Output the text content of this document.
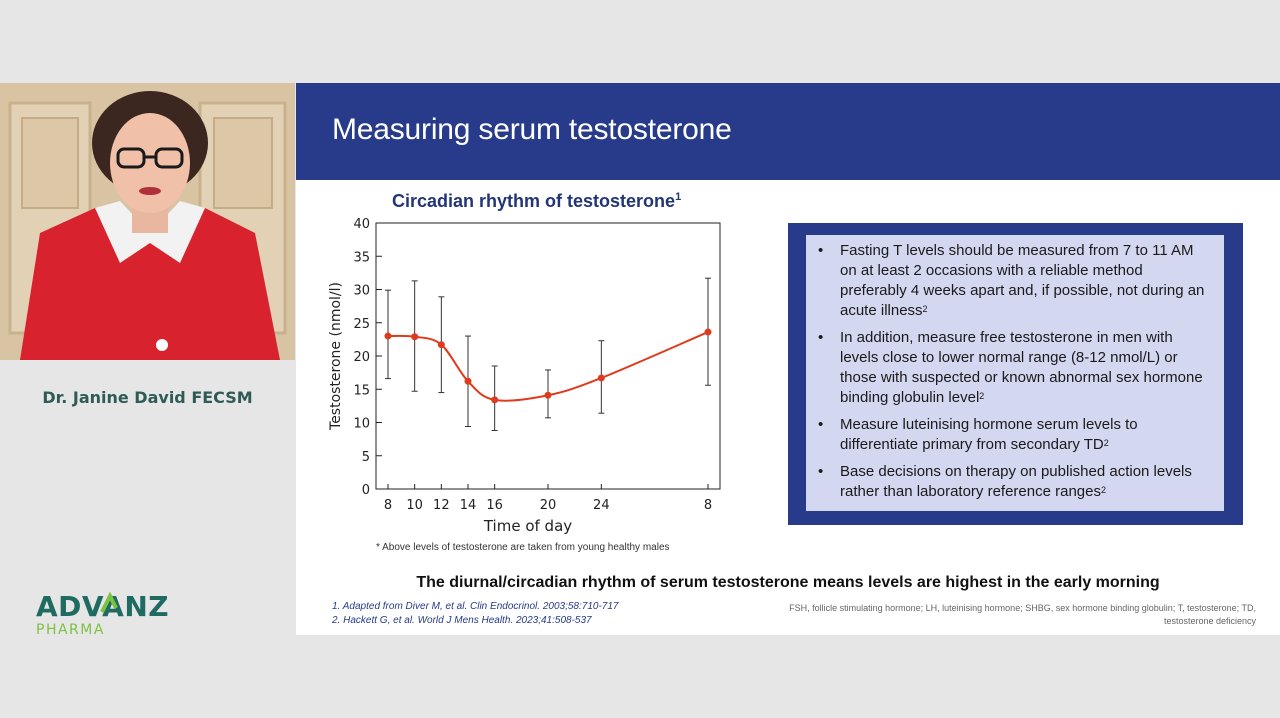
Dr. Janine David FECSM
ADVANZ
PHARMA
Measuring serum testosterone
Circadian rhythm of testosterone$^1$
0
5
10
15
20
25
30
35
40
8 10 12 14 16	20	24	8
Testosterone (nmol/l)
Time of day
* Above levels of testosterone are taken from young healthy males
• Fasting T levels should be measured from 7 to 11 AM on at least 2 occasions with a reliable method preferably 4 weeks apart and, if possible, not during an acute illness$^2$
• In addition, measure free testosterone in men with levels close to lower normal range (8-12 nmol/L) or those with suspected or known abnormal sex hormone binding globulin level$^2$
• Measure luteinising hormone serum levels to differentiate primary from secondary $TD^2$
• Base decisions on therapy on published action levels rather than laboratory reference ranges$^2$
The diurnal/circadian rhythm of serum testosterone means levels are highest in the early morning
1. Adapted from Diver M, et al. Clin Endocrinol. 2003;58:710-717
2. Hackett G, et al. World J Mens Health. 2023;41:508-537
FSH, follicle stimulating hormone; LH, luteinising hormone; SHBG, sex hormone binding globulin; T, testosterone; TD, testosterone deficiency
